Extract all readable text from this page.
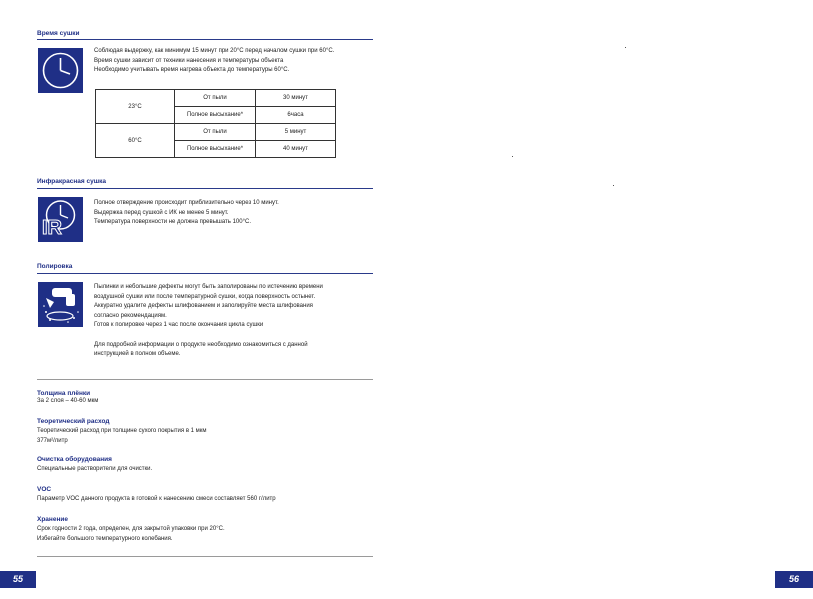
Время сушки
Соблюдая выдержку, как минимум 15 минут при 20°С перед началом сушки при 60°С.
Время сушки зависит от техники нанесения и температуры объекта
Необходимо учитывать время нагрева объекта до температуры 60°С.
23°С	От пыли	30 минут
	Полное высыхание*	6часа
60°С	От пыли	5 минут
	Полное высыхание*	40 минут
Инфракрасная сушка
IR
Полное отверждение происходит приблизительно через 10 минут.
Выдержка перед сушкой с ИК не менее 5 минут.
Температура поверхности не должна превышать 100°С.
Полировка
Пылинки и небольшие дефекты могут быть заполированы по истечению времени
воздушной сушки или после температурной сушки, когда поверхность остынет.
Аккуратно удалите дефекты шлифованием и заполируйте места шлифования
согласно рекомендациям.
Готов к полировке через 1 час после окончания цикла сушки
Для подробной информации о продукте необходимо ознакомиться с данной
инструкцией в полном объеме.
Толщина плёнки
За 2 слоя – 40-60 мкм
Теоретический расход
Теоретический расход при толщине сухого покрытия в 1 мкм
377м²/литр
Очистка оборудования
Специальные растворители для очистки.
VOC
Параметр VOC данного продукта в готовой к нанесению смеси составляет 560 г/литр
Хранение
Срок годности 2 года, определен, для закрытой упаковки при 20°С.
Избегайте большого температурного колебания.
55	56
